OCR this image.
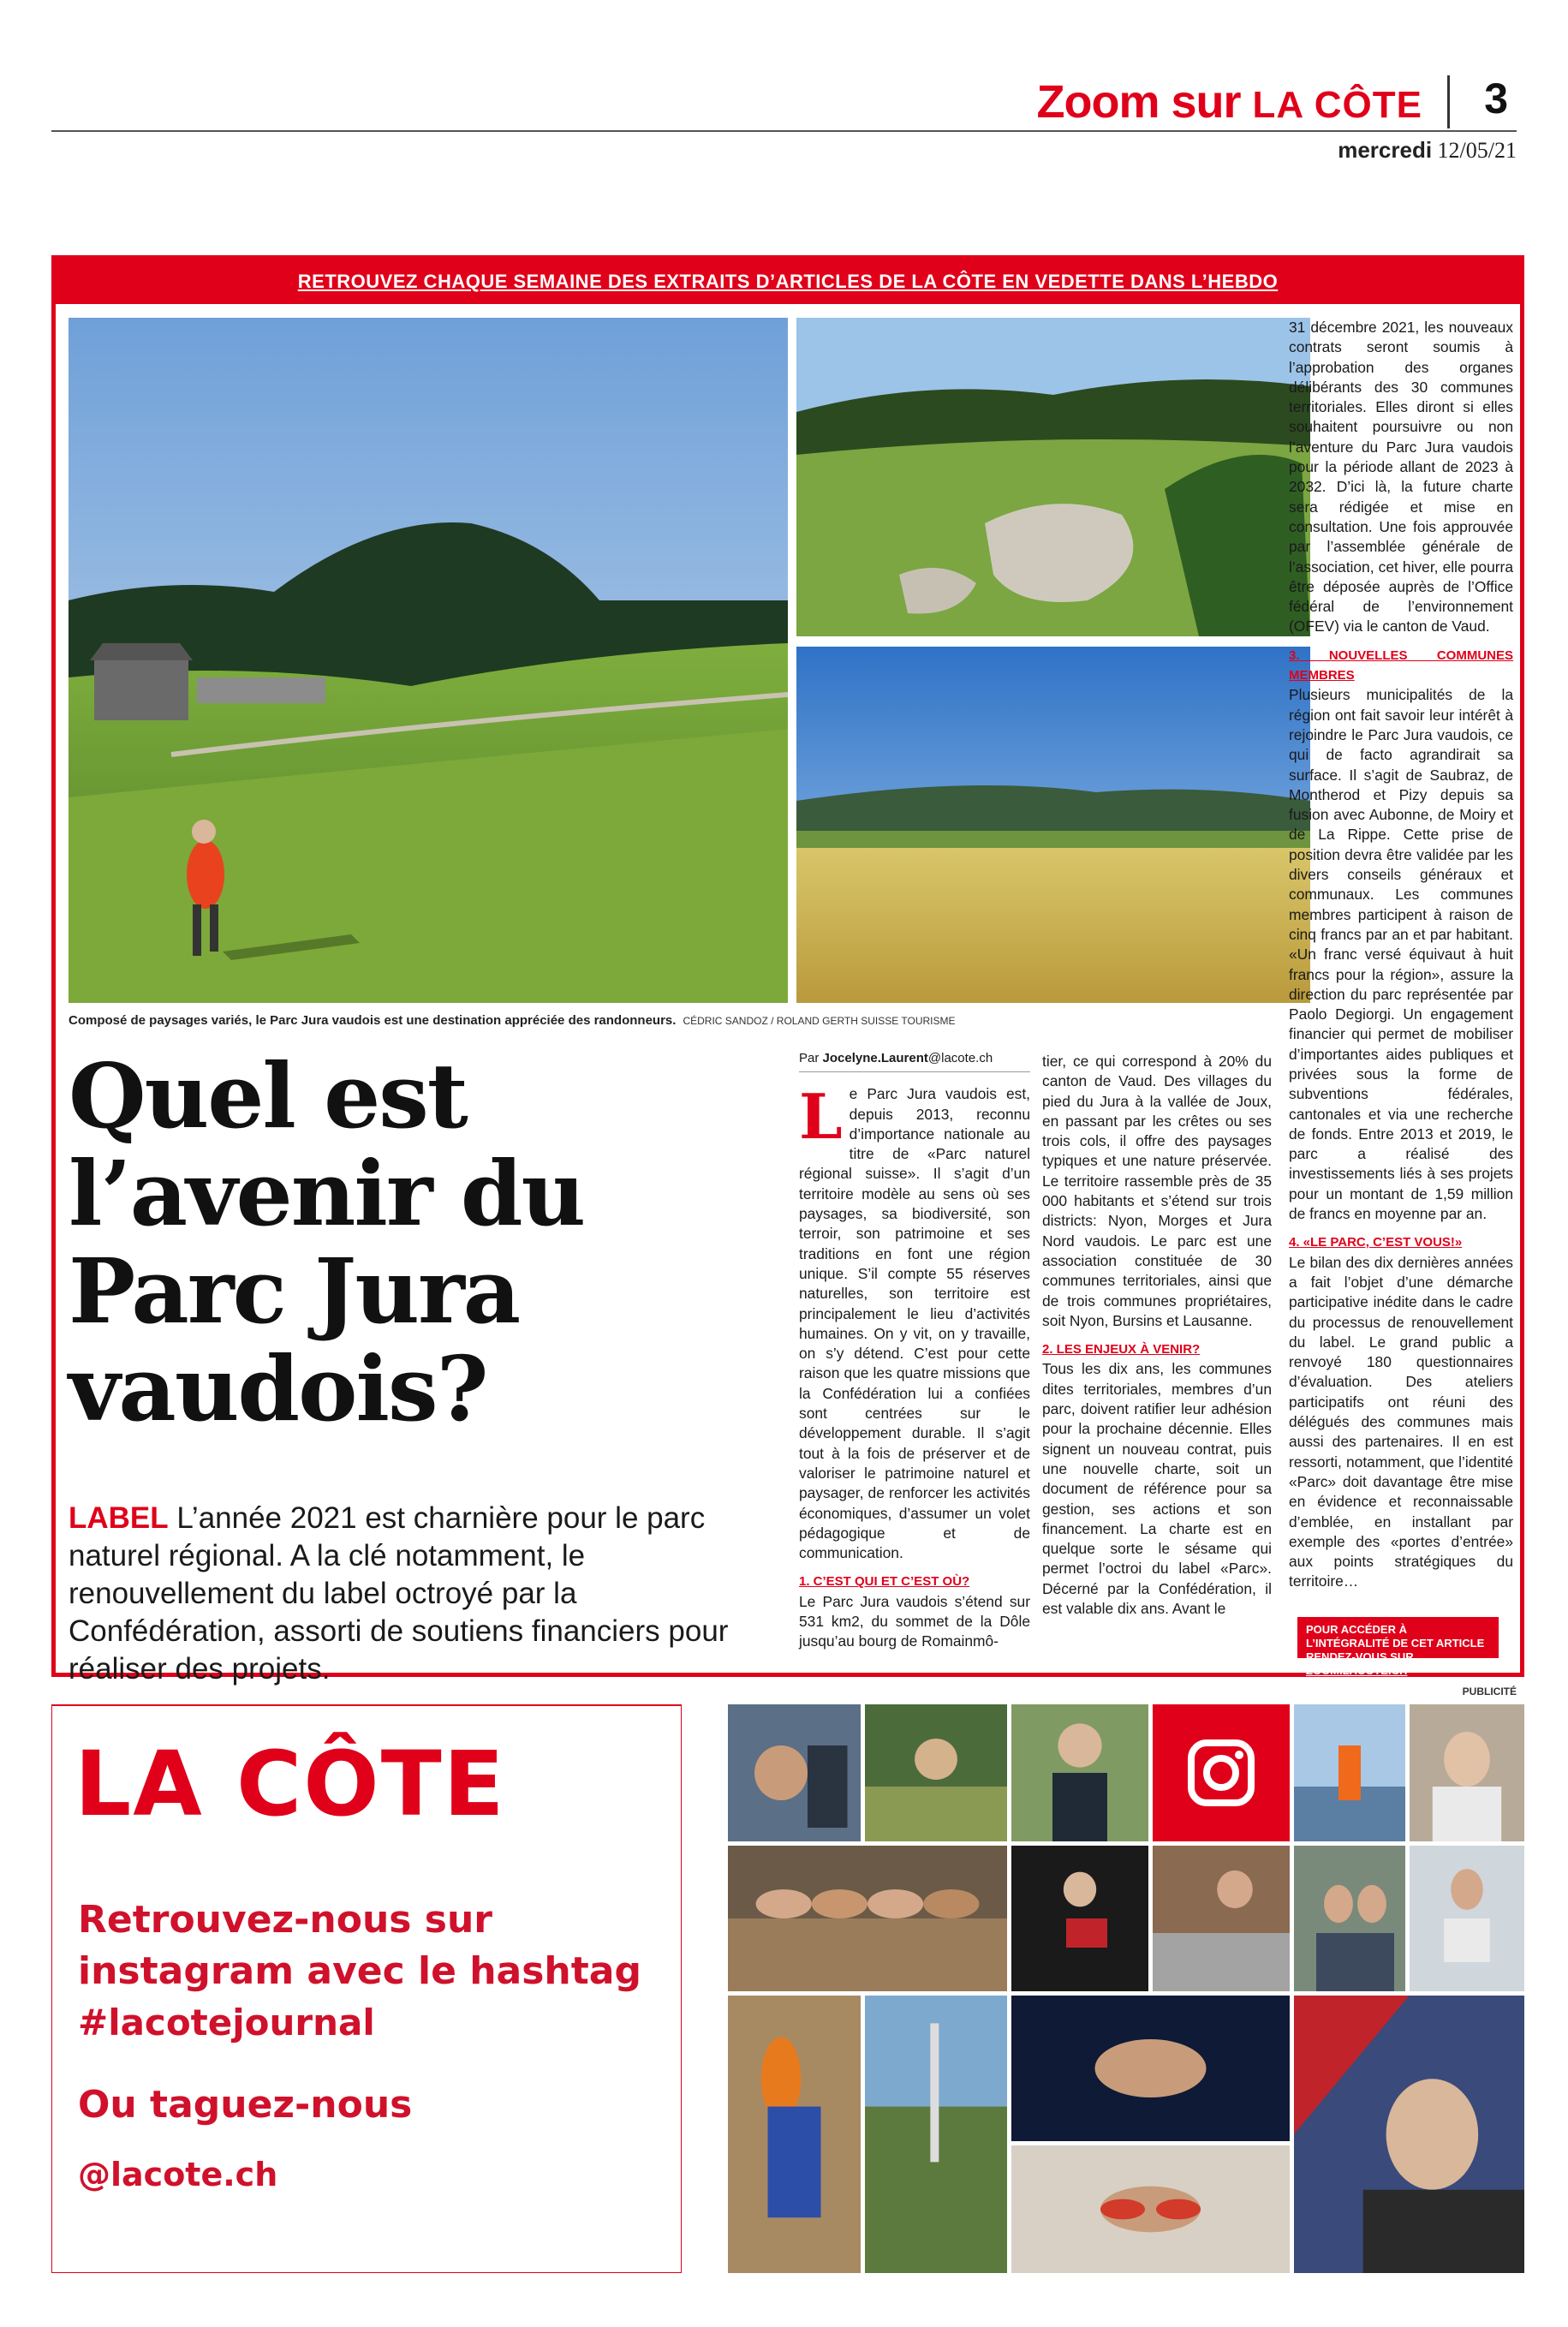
Zoom sur LA CÔTE 3
mercredi 12/05/21
RETROUVEZ CHAQUE SEMAINE DES EXTRAITS D’ARTICLES DE LA CÔTE EN VEDETTE DANS L’HEBDO
Composé de paysages variés, le Parc Jura vaudois est une destination appréciée des randonneurs. CÉDRIC SANDOZ / ROLAND GERTH SUISSE TOURISME
Quel est l’avenir du Parc Jura vaudois?
LABEL L’année 2021 est charnière pour le parc naturel régional. A la clé notamment, le renouvellement du label octroyé par la Confédération, assorti de soutiens financiers pour réaliser des projets.
Par Jocelyne.Laurent@lacote.ch

Le Parc Jura vaudois est, depuis 2013, reconnu d’importance nationale au titre de «Parc naturel régional suisse». Il s’agit d’un territoire modèle au sens où ses paysages, sa biodiversité, son terroir, son patrimoine et ses traditions en font une région unique. S’il compte 55 réserves naturelles, son territoire est principalement le lieu d’activités humaines. On y vit, on y travaille, on s’y détend. C’est pour cette raison que les quatre missions que la Confédération lui a confiées sont centrées sur le développement durable. Il s’agit tout à la fois de préserver et de valoriser le patrimoine naturel et paysager, de renforcer les activités économiques, d’assumer un volet pédagogique et de communication.

1. C’EST QUI ET C’EST OÙ?

Le Parc Jura vaudois s’étend sur 531 km2, du sommet de la Dôle jusqu’au bourg de Romainmô-

tier, ce qui correspond à 20% du canton de Vaud. Des villages du pied du Jura à la vallée de Joux, en passant par les crêtes ou ses trois cols, il offre des paysages typiques et une nature préservée. Le territoire rassemble près de 35 000 habitants et s’étend sur trois districts: Nyon, Morges et Jura Nord vaudois. Le parc est une association constituée de 30 communes territoriales, ainsi que de trois communes propriétaires, soit Nyon, Bursins et Lausanne.

2. LES ENJEUX À VENIR?

Tous les dix ans, les communes dites territoriales, membres d’un parc, doivent ratifier leur adhésion pour la prochaine décennie. Elles signent un nouveau contrat, puis une nouvelle charte, soit un document de référence pour sa gestion, ses actions et son financement. La charte est en quelque sorte le sésame qui permet l’octroi du label «Parc». Décerné par la Confédération, il est valable dix ans. Avant le

31 décembre 2021, les nouveaux contrats seront soumis à l’approbation des organes délibérants des 30 communes territoriales. Elles diront si elles souhaitent poursuivre ou non l’aventure du Parc Jura vaudois pour la période allant de 2023 à 2032. D’ici là, la future charte sera rédigée et mise en consultation. Une fois approuvée par l’assemblée générale de l’association, cet hiver, elle pourra être déposée auprès de l’Office fédéral de l’environnement (OFEV) via le canton de Vaud.

3. NOUVELLES COMMUNES MEMBRES

Plusieurs municipalités de la région ont fait savoir leur intérêt à rejoindre le Parc Jura vaudois, ce qui de facto agrandirait sa surface. Il s’agit de Saubraz, de Montherod et Pizy depuis sa fusion avec Aubonne, de Moiry et de La Rippe. Cette prise de position devra être validée par les divers conseils généraux et communaux. Les communes membres participent à raison de cinq francs par an et par habitant. «Un franc versé équivaut à huit francs pour la région», assure la direction du parc représentée par Paolo Degiorgi. Un engagement financier qui permet de mobiliser d’importantes aides publiques et privées sous la forme de subventions fédérales, cantonales et via une recherche de fonds. Entre 2013 et 2019, le parc a réalisé des investissements liés à ses projets pour un montant de 1,59 million de francs en moyenne par an.

4. «LE PARC, C’EST VOUS!»

Le bilan des dix dernières années a fait l’objet d’une démarche participative inédite dans le cadre du processus de renouvellement du label. Le grand public a renvoyé 180 questionnaires d’évaluation. Des ateliers participatifs ont réuni des délégués des communes mais aussi des partenaires. Il en est ressorti, notamment, que l’identité «Parc» doit davantage être mise en évidence et reconnaissable d’emblée, en installant par exemple des «portes d’entrée» aux points stratégiques du territoire…

POUR ACCÉDER À L’INTÉGRALITÉ DE CET ARTICLE
RENDEZ-VOUS SUR ZOOM.LACOTE.CH
PUBLICITÉ
LA CÔTE
Retrouvez-nous sur instagram avec le hashtag
#lacotejournal
Ou taguez-nous
@lacote.ch
